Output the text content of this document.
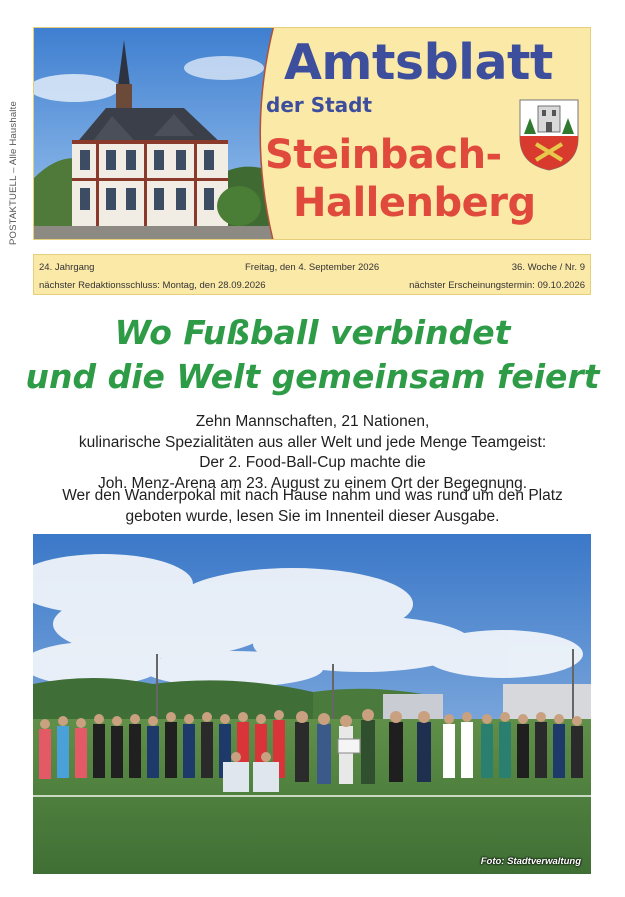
POSTAKTUELL – Alle Haushalte
Amtsblatt
der Stadt
Steinbach-
Hallenberg
24. Jahrgang	Freitag, den 4. September 2026	36. Woche / Nr. 9
nächster Redaktionsschluss: Montag, den 28.09.2026	nächster Erscheinungstermin: 09.10.2026
Wo Fußball verbindet
und die Welt gemeinsam feiert
Zehn Mannschaften, 21 Nationen,
kulinarische Spezialitäten aus aller Welt und jede Menge Teamgeist:
Der 2. Food-Ball-Cup machte die
Joh. Menz-Arena am 23. August zu einem Ort der Begegnung.
Wer den Wanderpokal mit nach Hause nahm und was rund um den Platz
geboten wurde, lesen Sie im Innenteil dieser Ausgabe.
Foto: Stadtverwaltung
